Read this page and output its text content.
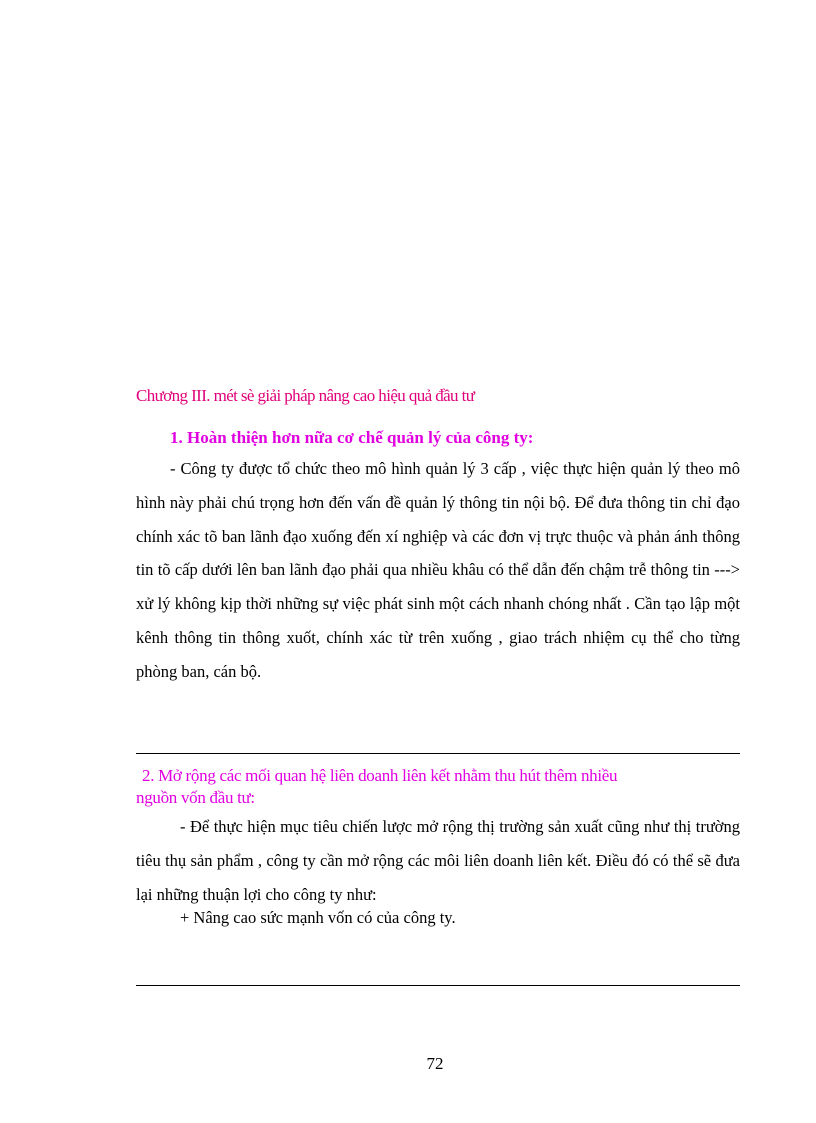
Chương III. mét sè giải pháp nâng cao hiệu quả đầu tư
1. Hoàn thiện hơn nữa cơ chế quản lý của công ty:

- Công ty được tổ chức theo mô hình quản lý 3 cấp , việc thực hiện quản lý theo mô hình này phải chú trọng hơn đến vấn đề quản lý thông tin nội bộ. Để đưa thông tin chỉ đạo chính xác tõ ban lãnh đạo xuống đến xí nghiệp và các đơn vị trực thuộc và phản ánh thông tin tõ cấp dưới lên ban lãnh đạo phải qua nhiều khâu có thể dẫn đến chậm trễ thông tin ---> xử lý không kịp thời những sự việc phát sinh một cách nhanh chóng nhất . Cần tạo lập một kênh thông tin thông xuốt, chính xác từ trên xuống , giao trách nhiệm cụ thể cho từng phòng ban, cán bộ.

2. Mở rộng các mối quan hệ liên doanh liên kết nhằm thu hút thêm nhiều
nguồn vốn đầu tư:

- Để thực hiện mục tiêu chiến lược mở rộng thị trường sản xuất cũng như thị trường tiêu thụ sản phẩm , công ty cần mở rộng các môi liên doanh liên kết. Điều đó có thể sẽ đưa lại những thuận lợi cho công ty như:

+ Nâng cao sức mạnh vốn có của công ty.
72
